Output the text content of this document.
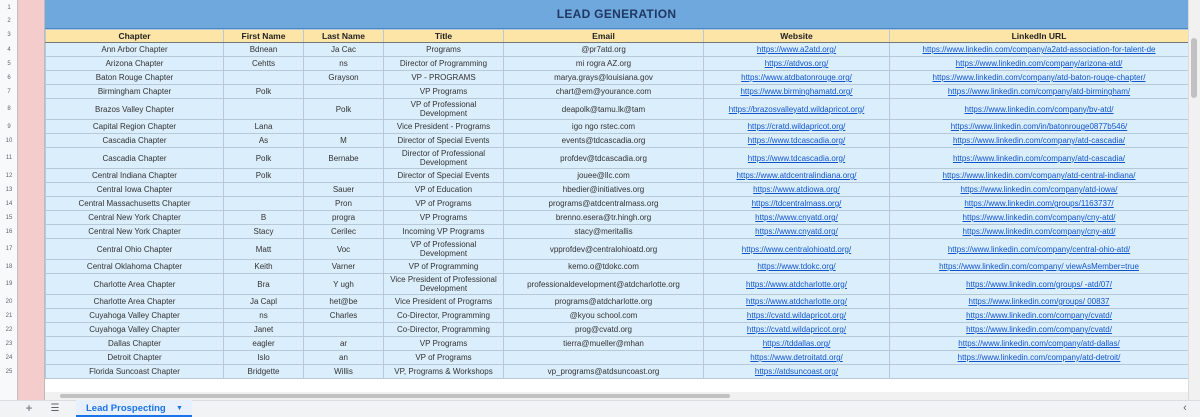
LEAD GENERATION
Chapter	First Name	Last Name	Title	Email	Website	LinkedIn URL
Ann Arbor Chapter	Bdnean	Ja Cac	Programs	@pr7atd.org	https://www.a2atd.org/	https://www.linkedin.com/company/a2atd-association-for-talent-de
Arizona Chapter	Cehtts	ns	Director of Programming	mi rogra AZ.org	https://atdvos.org/	https://www.linkedin.com/company/arizona-atd/
Baton Rouge Chapter		Grayson	VP - PROGRAMS	marya.grays@louisiana.gov	https://www.atdbatonrouge.org/	https://www.linkedin.com/company/atd-baton-rouge-chapter/
Birmingham Chapter	Polk		VP Programs	chart@em@yourance.com	https://www.birminghamatd.org/	https://www.linkedin.com/company/atd-birmingham/
Brazos Valley Chapter		Polk	VP of Professional Development	deapolk@tamu.lk@tam	https://brazosvalleyatd.wildapricot.org/	https://www.linkedin.com/company/bv-atd/
Capital Region Chapter	Lana		Vice President - Programs	igo ngo rstec.com	https://cratd.wildapricot.org/	https://www.linkedin.com/in/batonrouge0877b546/
Cascadia Chapter	As	M	Director of Special Events	events@tdcascadia.org	https://www.tdcascadia.org/	https://www.linkedin.com/company/atd-cascadia/
Cascadia Chapter	Polk	Bernabe	Director of Professional Development	profdev@tdcascadia.org	https://www.tdcascadia.org/	https://www.linkedin.com/company/atd-cascadia/
Central Indiana Chapter	Polk		Director of Special Events	jouee@llc.com	https://www.atdcentralindiana.org/	https://www.linkedin.com/company/atd-central-indiana/
Central Iowa Chapter		Sauer	VP of Education	hbedier@initiatives.org	https://www.atdiowa.org/	https://www.linkedin.com/company/atd-iowa/
Central Massachusetts Chapter		Pron	VP of Programs	programs@atdcentralmass.org	https://tdcentralmass.org/	https://www.linkedin.com/groups/1163737/
Central New York Chapter	B	progra	VP Programs	brenno.esera@tr.hingh.org	https://www.cnyatd.org/	https://www.linkedin.com/company/cny-atd/
Central New York Chapter	Stacy	Cerilec	Incoming VP Programs	stacy@meritallis	https://www.cnyatd.org/	https://www.linkedin.com/company/cny-atd/
Central Ohio Chapter	Matt	Voc	VP of Professional Development	vpprofdev@centralohioatd.org	https://www.centralohioatd.org/	https://www.linkedin.com/company/central-ohio-atd/
Central Oklahoma Chapter	Keith	Varner	VP of Programming	kemo.o@tdokc.com	https://www.tdokc.org/	https://www.linkedin.com/company/ viewAsMember=true
Charlotte Area Chapter	Bra	Y ugh	Vice President of Professional Development	professionaldevelopment@atdcharlotte.org	https://www.atdcharlotte.org/	https://www.linkedin.com/groups/ -atd/07/
Charlotte Area Chapter	Ja Capl	het@be	Vice President of Programs	programs@atdcharlotte.org	https://www.atdcharlotte.org/	https://www.linkedin.com/groups/ 00837
Cuyahoga Valley Chapter	ns	Charles	Co-Director, Programming	@kyou school.com	https://cvatd.wildapricot.org/	https://www.linkedin.com/company/cvatd/
Cuyahoga Valley Chapter	Janet		Co-Director, Programming	prog@cvatd.org	https://cvatd.wildapricot.org/	https://www.linkedin.com/company/cvatd/
Dallas Chapter	eagler	ar	VP Programs	tierra@mueller@mhan	https://tddallas.org/	https://www.linkedin.com/company/atd-dallas/
Detroit Chapter	Islo	an	VP of Programs		https://www.detroitatd.org/	https://www.linkedin.com/company/atd-detroit/
Florida Suncoast Chapter	Bridgette	Willis	VP, Programs & Workshops	vp_programs@atdsuncoast.org	https://atdsuncoast.org/	
1
2
3
4
5
6
7
8
9
10
11
12
13
14
15
16
17
18
19
20
21
22
23
24
25
+	☰	Lead Prospecting ▼	‹
